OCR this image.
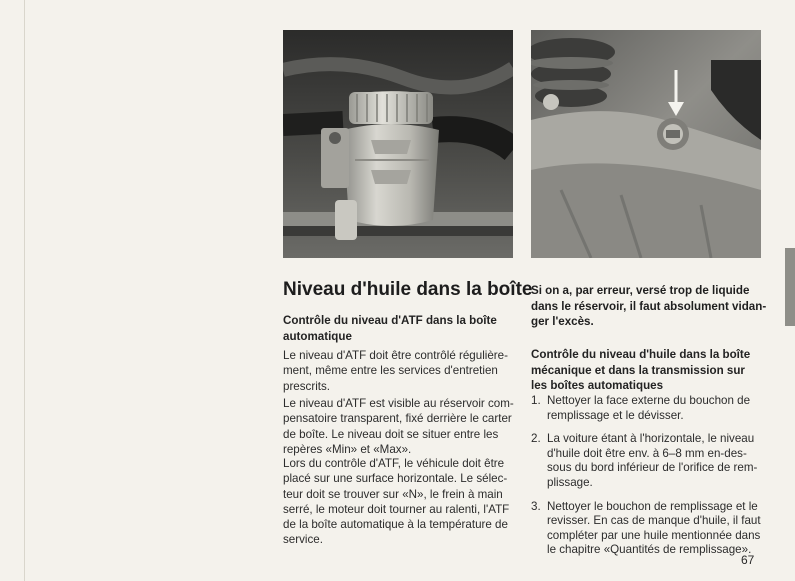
Niveau d'huile dans la boîte

Contrôle du niveau d'ATF dans la boîte automatique

Le niveau d'ATF doit être contrôlé régulièrement, même entre les services d'entretien prescrits.

Le niveau d'ATF est visible au réservoir compensatoire transparent, fixé derrière le carter de boîte. Le niveau doit se situer entre les repères «Min» et «Max».

Lors du contrôle d'ATF, le véhicule doit être placé sur une surface horizontale. Le sélecteur doit se trouver sur «N», le frein à main serré, le moteur doit tourner au ralenti, l'ATF de la boîte automatique à la température de service.

Si on a, par erreur, versé trop de liquide dans le réservoir, il faut absolument vidanger l'excès.

Contrôle du niveau d'huile dans la boîte mécanique et dans la transmission sur les boîtes automatiques

1. Nettoyer la face externe du bouchon de remplissage et le dévisser.
2. La voiture étant à l'horizontale, le niveau d'huile doit être env. à 6–8 mm en-dessous du bord inférieur de l'orifice de remplissage.
3. Nettoyer le bouchon de remplissage et le revisser. En cas de manque d'huile, il faut compléter par une huile mentionnée dans le chapitre «Quantités de remplissage».
67
